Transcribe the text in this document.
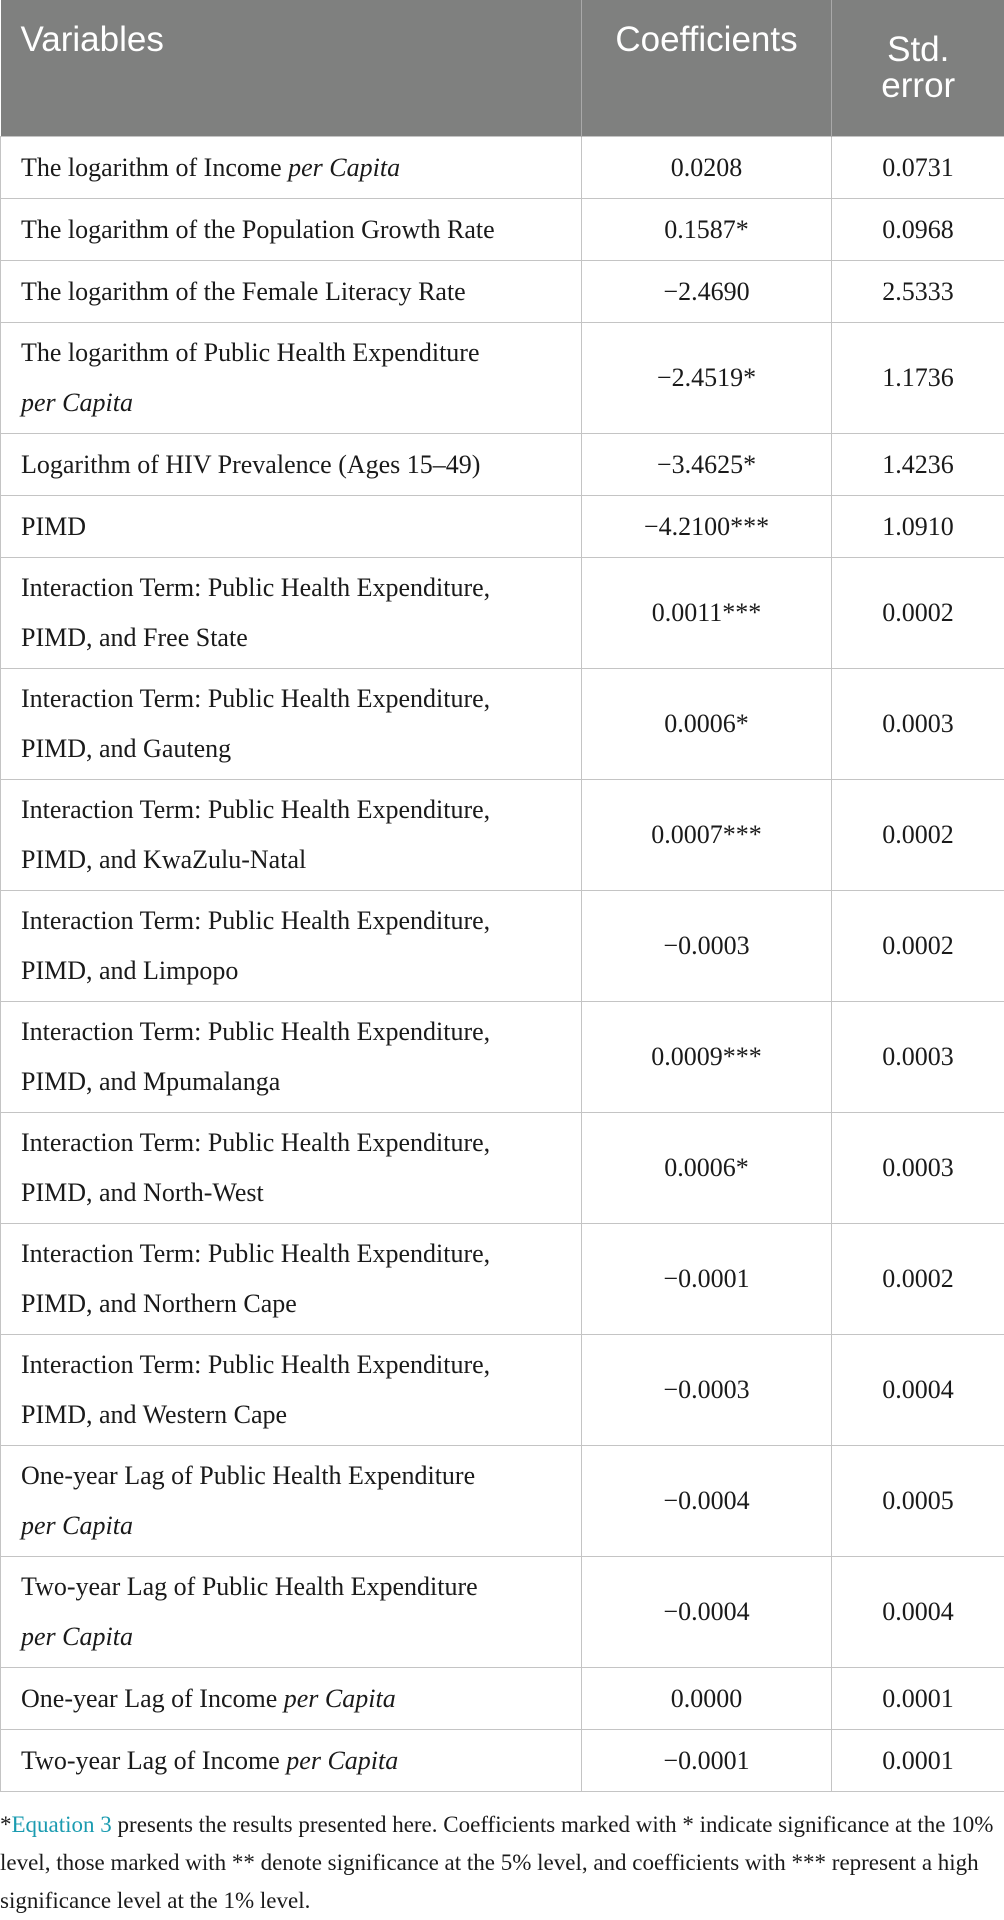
Variables	Coefficients	Std.
error
The logarithm of Income per Capita	0.0208	0.0731
The logarithm of the Population Growth Rate	0.1587*	0.0968
The logarithm of the Female Literacy Rate	−2.4690	2.5333
The logarithm of Public Health Expenditure
per Capita	−2.4519*	1.1736
Logarithm of HIV Prevalence (Ages 15–49)	−3.4625*	1.4236
PIMD	−4.2100***	1.0910
Interaction Term: Public Health Expenditure,
PIMD, and Free State	0.0011***	0.0002
Interaction Term: Public Health Expenditure,
PIMD, and Gauteng	0.0006*	0.0003
Interaction Term: Public Health Expenditure,
PIMD, and KwaZulu-Natal	0.0007***	0.0002
Interaction Term: Public Health Expenditure,
PIMD, and Limpopo	−0.0003	0.0002
Interaction Term: Public Health Expenditure,
PIMD, and Mpumalanga	0.0009***	0.0003
Interaction Term: Public Health Expenditure,
PIMD, and North-West	0.0006*	0.0003
Interaction Term: Public Health Expenditure,
PIMD, and Northern Cape	−0.0001	0.0002
Interaction Term: Public Health Expenditure,
PIMD, and Western Cape	−0.0003	0.0004
One-year Lag of Public Health Expenditure
per Capita	−0.0004	0.0005
Two-year Lag of Public Health Expenditure
per Capita	−0.0004	0.0004
One-year Lag of Income per Capita	0.0000	0.0001
Two-year Lag of Income per Capita	−0.0001	0.0001
*Equation 3 presents the results presented here. Coefficients marked with * indicate significance at the 10% level, those marked with ** denote significance at the 5% level, and coefficients with *** represent a high significance level at the 1% level.
